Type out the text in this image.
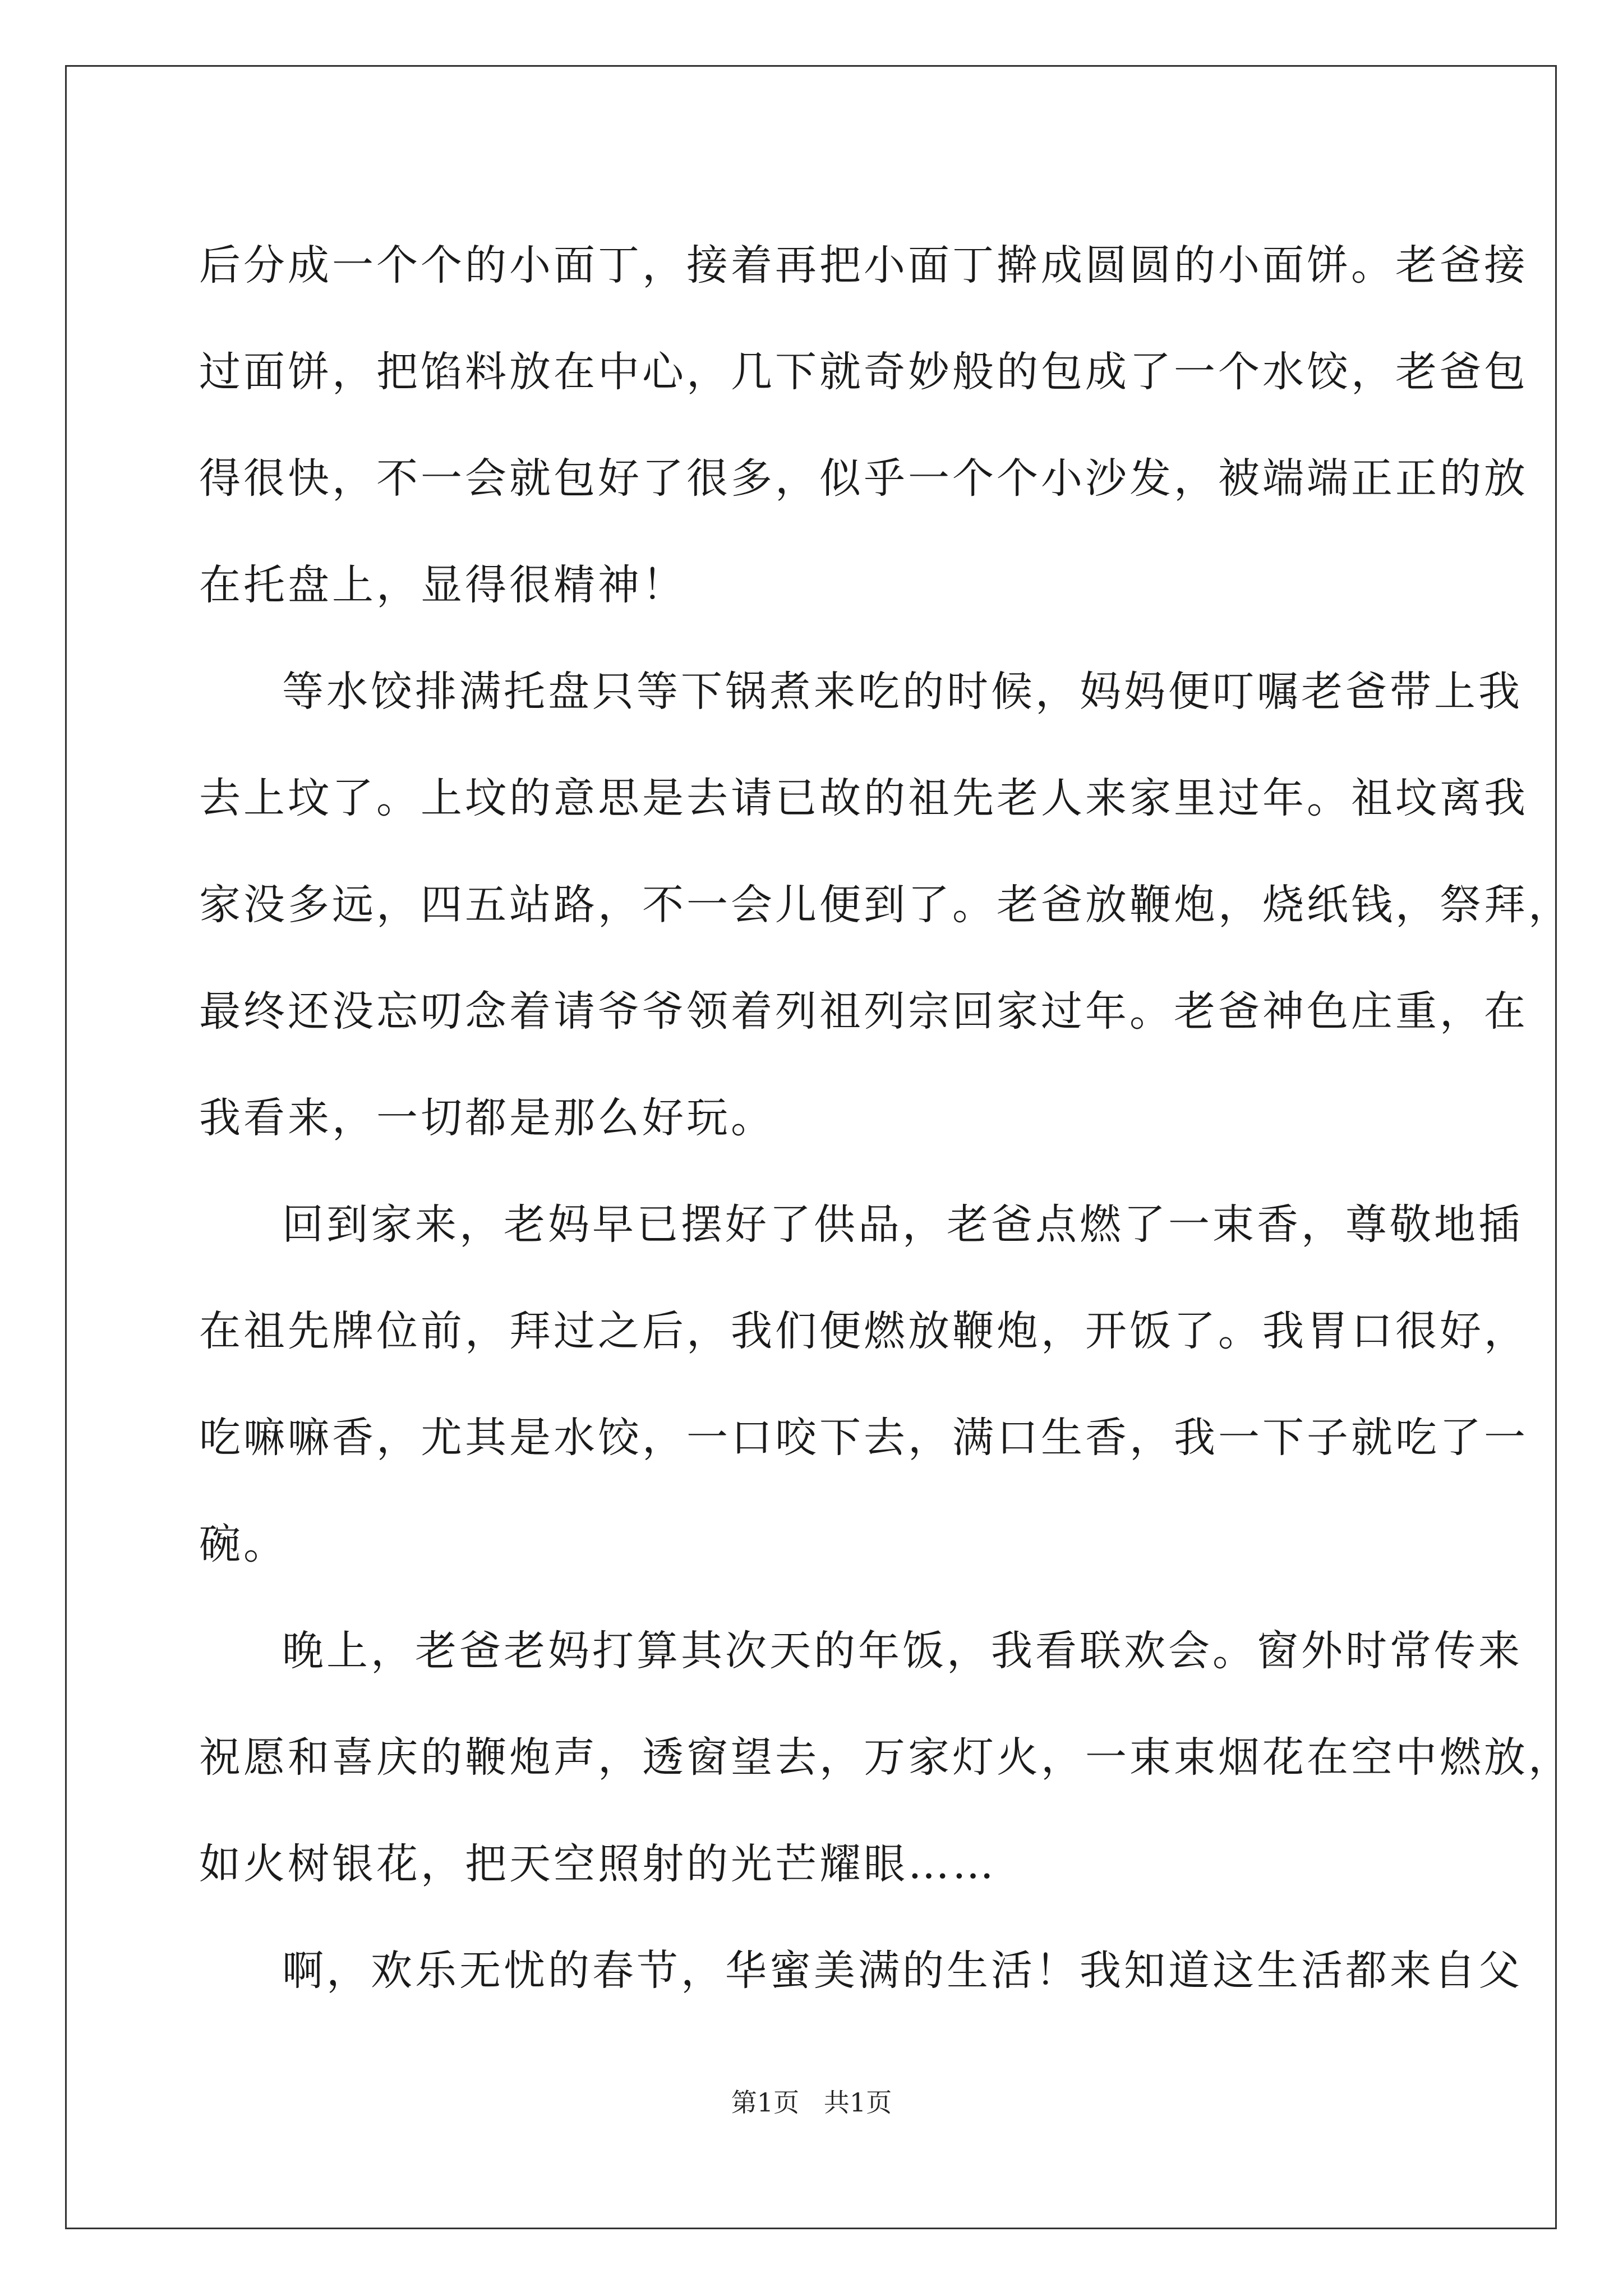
后分成一个个的小面丁，接着再把小面丁擀成圆圆的小面饼。老爸接
过面饼，把馅料放在中心，几下就奇妙般的包成了一个水饺，老爸包
得很快，不一会就包好了很多，似乎一个个小沙发，被端端正正的放
在托盘上，显得很精神！
等水饺排满托盘只等下锅煮来吃的时候，妈妈便叮嘱老爸带上我
去上坟了。上坟的意思是去请已故的祖先老人来家里过年。祖坟离我
家没多远，四五站路，不一会儿便到了。老爸放鞭炮，烧纸钱，祭拜，
最终还没忘叨念着请爷爷领着列祖列宗回家过年。老爸神色庄重，在
我看来，一切都是那么好玩。
回到家来，老妈早已摆好了供品，老爸点燃了一束香，尊敬地插
在祖先牌位前，拜过之后，我们便燃放鞭炮，开饭了。我胃口很好，
吃嘛嘛香，尤其是水饺，一口咬下去，满口生香，我一下子就吃了一
碗。
晚上，老爸老妈打算其次天的年饭，我看联欢会。窗外时常传来
祝愿和喜庆的鞭炮声，透窗望去，万家灯火，一束束烟花在空中燃放，
如火树银花，把天空照射的光芒耀眼……
啊，欢乐无忧的春节，华蜜美满的生活！我知道这生活都来自父
第1页   共1页
